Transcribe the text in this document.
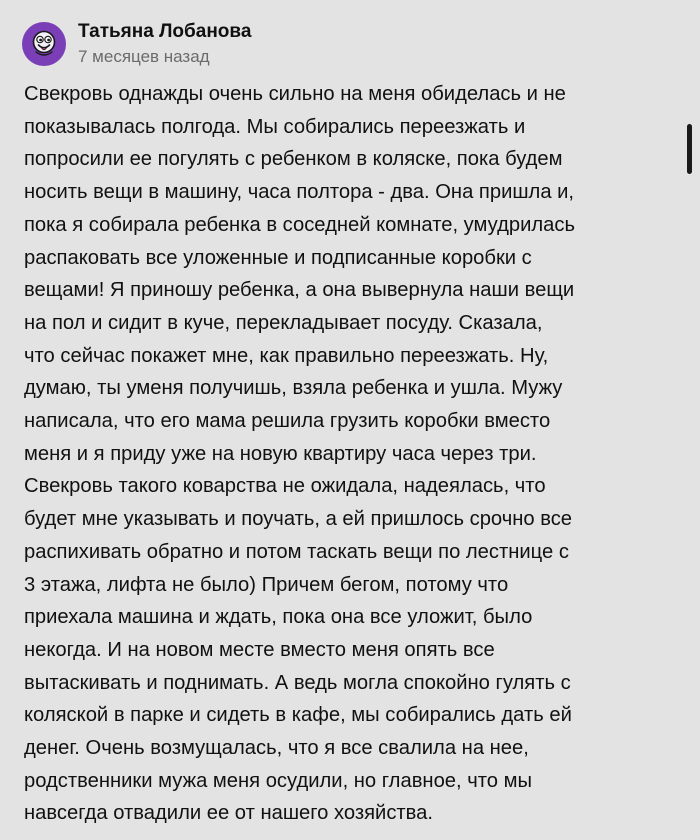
Татьяна Лобанова
7 месяцев назад

Свекровь однажды очень сильно на меня обиделась и не
показывалась полгода. Мы собирались переезжать и
попросили ее погулять с ребенком в коляске, пока будем
носить вещи в машину, часа полтора - два. Она пришла и,
пока я собирала ребенка в соседней комнате, умудрилась
распаковать все уложенные и подписанные коробки с
вещами! Я приношу ребенка, а она вывернула наши вещи
на пол и сидит в куче, перекладывает посуду. Сказала,
что сейчас покажет мне, как правильно переезжать. Ну,
думаю, ты уменя получишь, взяла ребенка и ушла. Мужу
написала, что его мама решила грузить коробки вместо
меня и я приду уже на новую квартиру часа через три.
Свекровь такого коварства не ожидала, надеялась, что
будет мне указывать и поучать, а ей пришлось срочно все
распихивать обратно и потом таскать вещи по лестнице с
3 этажа, лифта не было) Причем бегом, потому что
приехала машина и ждать, пока она все уложит, было
некогда. И на новом месте вместо меня опять все
вытаскивать и поднимать. А ведь могла спокойно гулять с
коляской в парке и сидеть в кафе, мы собирались дать ей
денег. Очень возмущалась, что я все свалила на нее,
родственники мужа меня осудили, но главное, что мы
навсегда отвадили ее от нашего хозяйства.
